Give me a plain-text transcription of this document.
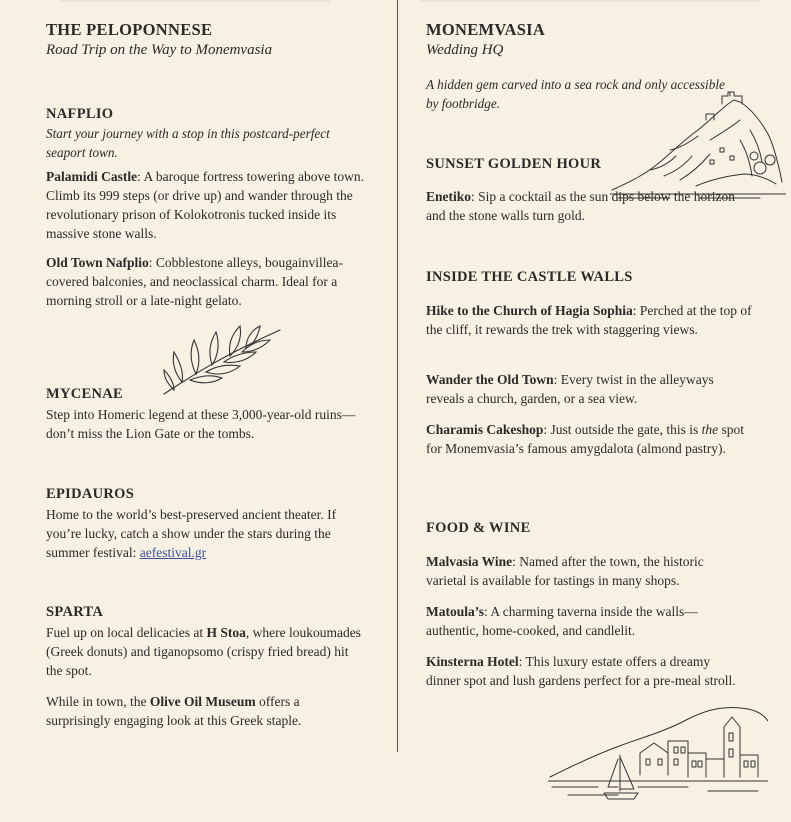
THE PELOPONNESE

Road Trip on the Way to Monemvasia

NAFPLIO

Start your journey with a stop in this postcard-perfect seaport town.

Palamidi Castle: A baroque fortress towering above town. Climb its 999 steps (or drive up) and wander through the revolutionary prison of Kolokotronis tucked inside its massive stone walls.

Old Town Nafplio: Cobblestone alleys, bougainvillea-covered balconies, and neoclassical charm. Ideal for a morning stroll or a late-night gelato.

MYCENAE

Step into Homeric legend at these 3,000-year-old ruins—don’t miss the Lion Gate or the tombs.

EPIDAUROS

Home to the world’s best-preserved ancient theater. If you’re lucky, catch a show under the stars during the summer festival: aefestival.gr

SPARTA

Fuel up on local delicacies at H Stoa, where loukoumades (Greek donuts) and tiganopsomo (crispy fried bread) hit the spot.

While in town, the Olive Oil Museum offers a surprisingly engaging look at this Greek staple.

MONEMVASIA

Wedding HQ

A hidden gem carved into a sea rock and only accessible by footbridge.

SUNSET GOLDEN HOUR

Enetiko: Sip a cocktail as the sun dips below the horizon and the stone walls turn gold.

INSIDE THE CASTLE WALLS

Hike to the Church of Hagia Sophia: Perched at the top of the cliff, it rewards the trek with staggering views.

Wander the Old Town: Every twist in the alleyways reveals a church, garden, or a sea view.

Charamis Cakeshop: Just outside the gate, this is the spot for Monemvasia’s famous amygdalota (almond pastry).

FOOD & WINE

Malvasia Wine: Named after the town, the historic varietal is available for tastings in many shops.

Matoula’s: A charming taverna inside the walls—authentic, home-cooked, and candlelit.

Kinsterna Hotel: This luxury estate offers a dreamy dinner spot and lush gardens perfect for a pre-meal stroll.
